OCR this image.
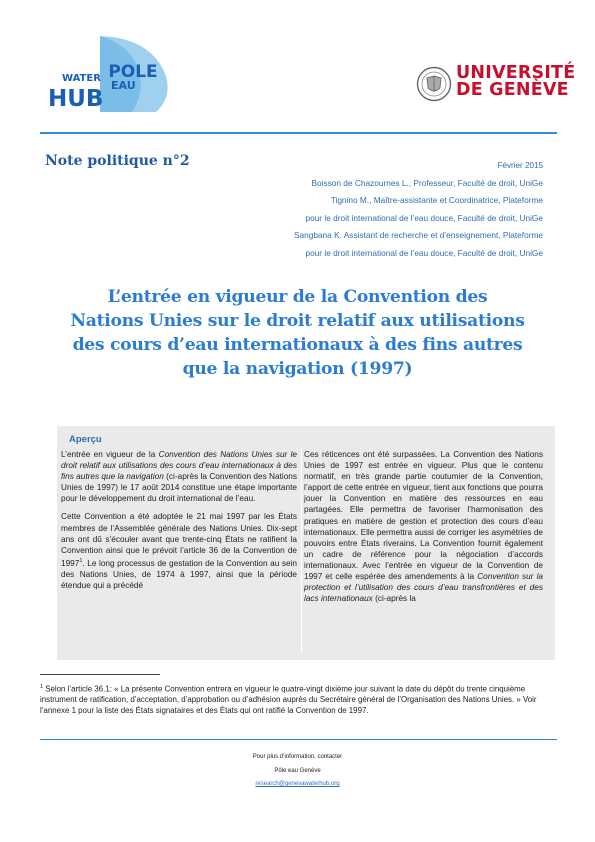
POLE
WATER
EAU
HUB
UNIVERSITÉ
DE GENÈVE
Note politique n°2	Février 2015
Boisson de Chazournes L., Professeur, Faculté de droit, UniGe
Tignino M., Maître-assistante et Coordinatrice, Plateforme
pour le droit international de l’eau douce, Faculté de droit, UniGe
Sangbana K. Assistant de recherche et d’enseignement, Plateforme
pour le droit international de l’eau douce, Faculté de droit, UniGe
L’entrée en vigueur de la Convention des
Nations Unies sur le droit relatif aux utilisations
des cours d’eau internationaux à des fins autres
que la navigation (1997)
Aperçu

L’entrée en vigueur de la Convention des Nations Unies sur le droit relatif aux utilisations des cours d’eau internationaux à des fins autres que la navigation (ci-après la Convention des Nations Unies de 1997) le 17 août 2014 constitue une étape importante pour le développement du droit international de l’eau.

Cette Convention a été adoptée le 21 mai 1997 par les États membres de l’Assemblée générale des Nations Unies. Dix-sept ans ont dû s’écouler avant que trente-cinq États ne ratifient la Convention ainsi que le prévoit l’article 36 de la Convention de 1997$^1$. Le long processus de gestation de la Convention au sein des Nations Unies, de 1974 à 1997, ainsi que la période étendue qui a précédé

Ces réticences ont été surpassées. La Convention des Nations Unies de 1997 est entrée en vigueur. Plus que le contenu normatif, en très grande partie coutumier de la Convention, l’apport de cette entrée en vigueur, tient aux fonctions que pourra jouer la Convention en matière des ressources en eau partagées. Elle permettra de favoriser l’harmonisation des pratiques en matière de gestion et protection des cours d’eau internationaux. Elle permettra aussi de corriger les asymétries de pouvoirs entre États riverains. La Convention fournit également un cadre de référence pour la négociation d’accords internationaux. Avec l’entrée en vigueur de la Convention de 1997 et celle espérée des amendements à la Convention sur la protection et l’utilisation des cours d’eau transfrontières et des lacs internationaux (ci-après la

$^1$ Selon l’article 36.1: « La présente Convention entrera en vigueur le quatre-vingt dixième jour suivant la date du dépôt du trente cinquième instrument de ratification, d’acceptation, d’approbation ou d’adhésion auprès du Secrétaire général de l’Organisation des Nations Unies. » Voir l’annexe 1 pour la liste des États signataires et des États qui ont ratifié la Convention de 1997.
Pour plus d’information, contacter
Pôle eau Genève
research@genevawaterhub.org
